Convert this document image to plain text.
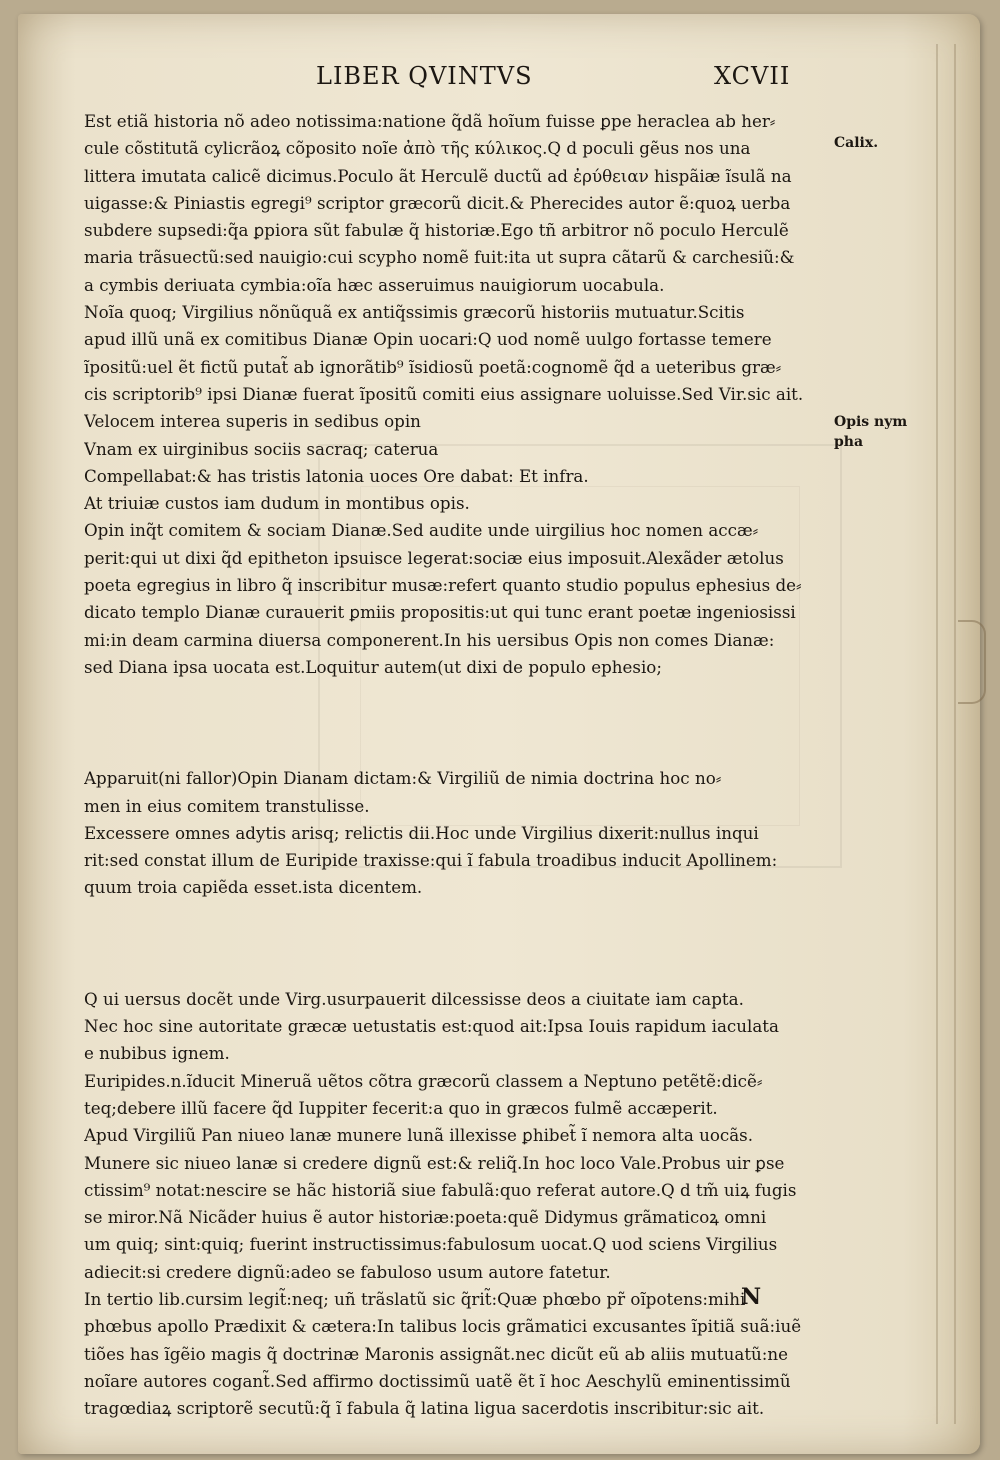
LIBER QVINTVS	XCVII
Calix.
Opis nym
pha
Est etiã historia nõ adeo notissima:natione q̃dã hoĩum fuisse ꝑpe heraclea ab her⸗
cule cõstitutã cylicrãoꝝ cõposito noĩe ἀπὸ τῆς κύλικος.Q d poculi gẽus nos una
littera imutata calicẽ dicimus.Poculo ãt Herculẽ ductũ ad ἐρύθειαν hispãiæ ĩsulã na
uigasse:& Piniastis egregi⁹ scriptor græcorũ dicit.& Pherecides autor ẽ:quoꝝ uerba
subdere supsedi:q̃a ꝑpiora sũt fabulæ q̃ historiæ.Ego tñ arbitror nõ poculo Herculẽ
maria trãsuectũ:sed nauigio:cui scypho nomẽ fuit:ita ut supra cãtarũ & carchesiũ:&
a cymbis deriuata cymbia:oĩa hæc asseruimus nauigiorum uocabula.
Noĩa quoq; Virgilius nõnũquã ex antiq̃ssimis græcorũ historiis mutuatur.Scitis
apud illũ unã ex comitibus Dianæ Opin uocari:Q uod nomẽ uulgo fortasse temere
ĩpositũ:uel ẽt fictũ putat̃ ab ignorãtib⁹ ĩsidiosũ poetã:cognomẽ q̃d a ueteribus græ⸗
cis scriptorib⁹ ipsi Dianæ fuerat ĩpositũ comiti eius assignare uoluisse.Sed Vir.sic ait.
Velocem interea superis in sedibus opin
Vnam ex uirginibus sociis sacraq; caterua
Compellabat:& has tristis latonia uoces Ore dabat: Et infra.
At triuiæ custos iam dudum in montibus opis.
Opin inq̃t comitem & sociam Dianæ.Sed audite unde uirgilius hoc nomen accæ⸗
perit:qui ut dixi q̃d epitheton ipsuisce legerat:sociæ eius imposuit.Alexãder ætolus
poeta egregius in libro q̃ inscribitur musæ:refert quanto studio populus ephesius de⸗
dicato templo Dianæ curauerit ꝑmiis propositis:ut qui tunc erant poetæ ingeniosissi
mi:in deam carmina diuersa componerent.In his uersibus Opis non comes Dianæ:
sed Diana ipsa uocata est.Loquitur autem(ut dixi de populo ephesio;
Apparuit(ni fallor)Opin Dianam dictam:& Virgiliũ de nimia doctrina hoc no⸗
men in eius comitem transtulisse.
Excessere omnes adytis arisq; relictis dii.Hoc unde Virgilius dixerit:nullus inqui
rit:sed constat illum de Euripide traxisse:qui ĩ fabula troadibus inducit Apollinem:
quum troia capiẽda esset.ista dicentem.
Q ui uersus docẽt unde Virg.usurpauerit dilcessisse deos a ciuitate iam capta.
Nec hoc sine autoritate græcæ uetustatis est:quod ait:Ipsa Iouis rapidum iaculata
e nubibus ignem.
Euripides.n.ĩducit Mineruã uẽtos cõtra græcorũ classem a Neptuno petẽtẽ:dicẽ⸗
teq;debere illũ facere q̃d Iuppiter fecerit:a quo in græcos fulmẽ accæperit.
Apud Virgiliũ Pan niueo lanæ munere lunã illexisse ꝑhibet̃ ĩ nemora alta uocãs.
Munere sic niueo lanæ si credere dignũ est:& reliq̃.In hoc loco Vale.Probus uir ꝑse
ctissim⁹ notat:nescire se hãc historiã siue fabulã:quo referat autore.Q d tm̃ uiꝝ fugis
se miror.Nã Nicãder huius ẽ autor historiæ:poeta:quẽ Didymus grãmaticoꝝ omni
um quiq; sint:quiq; fuerint instructissimus:fabulosum uocat.Q uod sciens Virgilius
adiecit:si credere dignũ:adeo se fabuloso usum autore fatetur.
In tertio lib.cursim legit̃:neq; uñ trãslatũ sic q̃rit̃:Quæ phœbo pr̃ oĩpotens:mihi
phœbus apollo Prædixit & cætera:In talibus locis grãmatici excusantes ĩpitiã suã:iuẽ
tiões has ĩgẽio magis q̃ doctrinæ Maronis assignãt.nec dicũt eũ ab aliis mutuatũ:ne
noĩare autores cogant̃.Sed affirmo doctissimũ uatẽ ẽt ĩ hoc Aeschylũ eminentissimũ
tragœdiaꝝ scriptorẽ secutũ:q̃ ĩ fabula q̃ latina ligua sacerdotis inscribitur:sic ait.
N
